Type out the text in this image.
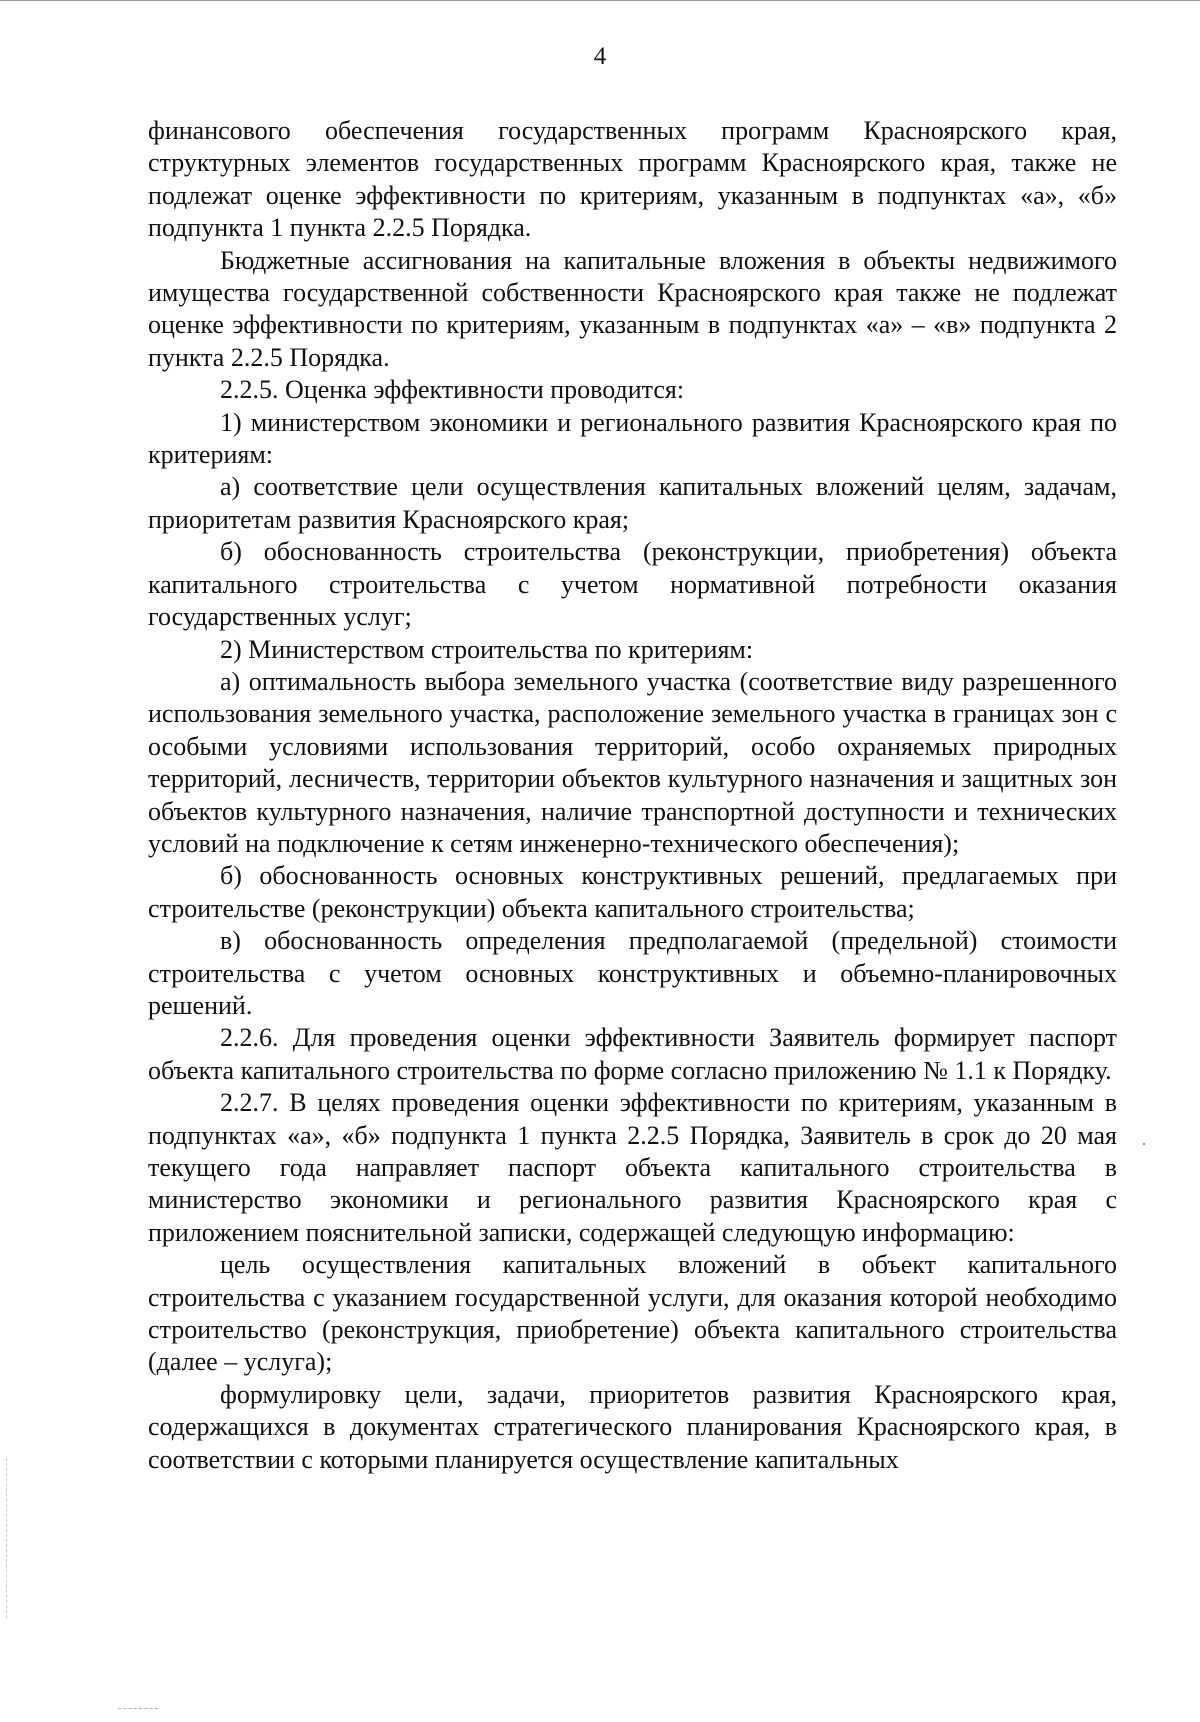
4

финансового обеспечения государственных программ Красноярского края, структурных элементов государственных программ Красноярского края, также не подлежат оценке эффективности по критериям, указанным в подпунктах «а», «б» подпункта 1 пункта 2.2.5 Порядка.

Бюджетные ассигнования на капитальные вложения в объекты недвижимого имущества государственной собственности Красноярского края также не подлежат оценке эффективности по критериям, указанным в подпунктах «а» – «в» подпункта 2 пункта 2.2.5 Порядка.

2.2.5. Оценка эффективности проводится:

1) министерством экономики и регионального развития Красноярского края по критериям:

а) соответствие цели осуществления капитальных вложений целям, задачам, приоритетам развития Красноярского края;

б) обоснованность строительства (реконструкции, приобретения) объекта капитального строительства с учетом нормативной потребности оказания государственных услуг;

2) Министерством строительства по критериям:

а) оптимальность выбора земельного участка (соответствие виду разрешенного использования земельного участка, расположение земельного участка в границах зон с особыми условиями использования территорий, особо охраняемых природных территорий, лесничеств, территории объектов культурного назначения и защитных зон объектов культурного назначения, наличие транспортной доступности и технических условий на подключение к сетям инженерно-технического обеспечения);

б) обоснованность основных конструктивных решений, предлагаемых при строительстве (реконструкции) объекта капитального строительства;

в) обоснованность определения предполагаемой (предельной) стоимости строительства с учетом основных конструктивных и объемно-планировочных решений.

2.2.6. Для проведения оценки эффективности Заявитель формирует паспорт объекта капитального строительства по форме согласно приложению № 1.1 к Порядку.

2.2.7. В целях проведения оценки эффективности по критериям, указанным в подпунктах «а», «б» подпункта 1 пункта 2.2.5 Порядка, Заявитель в срок до 20 мая текущего года направляет паспорт объекта капитального строительства в министерство экономики и регионального развития Красноярского края с приложением пояснительной записки, содержащей следующую информацию:

цель осуществления капитальных вложений в объект капитального строительства с указанием государственной услуги, для оказания которой необходимо строительство (реконструкция, приобретение) объекта капитального строительства (далее – услуга);

формулировку цели, задачи, приоритетов развития Красноярского края, содержащихся в документах стратегического планирования Красноярского края, в соответствии с которыми планируется осуществление капитальных
